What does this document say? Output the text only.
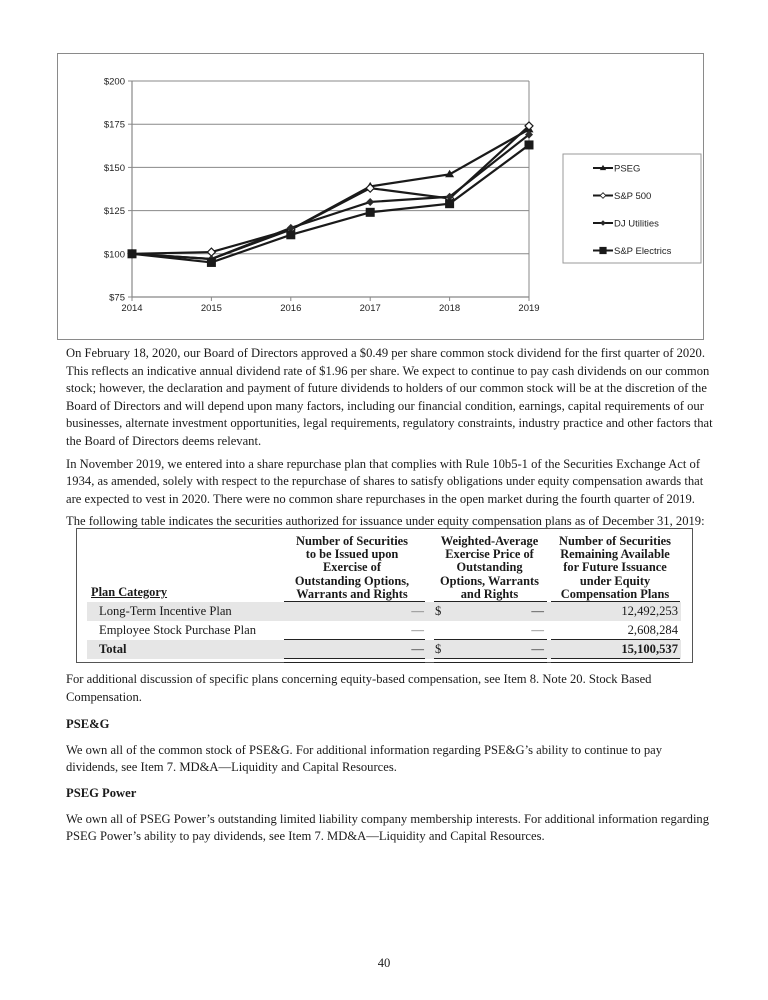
$75
$100
$125
$150
$175
$200
2014	2015	2016	2017	2018	2019
PSEG
S&P 500
DJ Utilities
S&P Electrics

On February 18, 2020, our Board of Directors approved a $0.49 per share common stock dividend for the first quarter of 2020. This reflects an indicative annual dividend rate of $1.96 per share. We expect to continue to pay cash dividends on our common stock; however, the declaration and payment of future dividends to holders of our common stock will be at the discretion of the Board of Directors and will depend upon many factors, including our financial condition, earnings, capital requirements of our businesses, alternate investment opportunities, legal requirements, regulatory constraints, industry practice and other factors that the Board of Directors deems relevant.

In November 2019, we entered into a share repurchase plan that complies with Rule 10b5-1 of the Securities Exchange Act of 1934, as amended, solely with respect to the repurchase of shares to satisfy obligations under equity compensation awards that are expected to vest in 2020. There were no common share repurchases in the open market during the fourth quarter of 2019.

The following table indicates the securities authorized for issuance under equity compensation plans as of December 31, 2019:

Plan Category
Number of Securities
to be Issued upon
Exercise of
Outstanding Options,
Warrants and Rights
Weighted-Average
Exercise Price of
Outstanding
Options, Warrants
and Rights
Number of Securities
Remaining Available
for Future Issuance
under Equity
Compensation Plans
Long-Term Incentive Plan	— $	—	12,492,253
Employee Stock Purchase Plan	—	—	2,608,284
Total	— $	—	15,100,537

For additional discussion of specific plans concerning equity-based compensation, see Item 8. Note 20. Stock Based Compensation.

PSE&G

We own all of the common stock of PSE&G. For additional information regarding PSE&G’s ability to continue to pay dividends, see Item 7. MD&A—Liquidity and Capital Resources.

PSEG Power

We own all of PSEG Power’s outstanding limited liability company membership interests. For additional information regarding PSEG Power’s ability to pay dividends, see Item 7. MD&A—Liquidity and Capital Resources.

40
